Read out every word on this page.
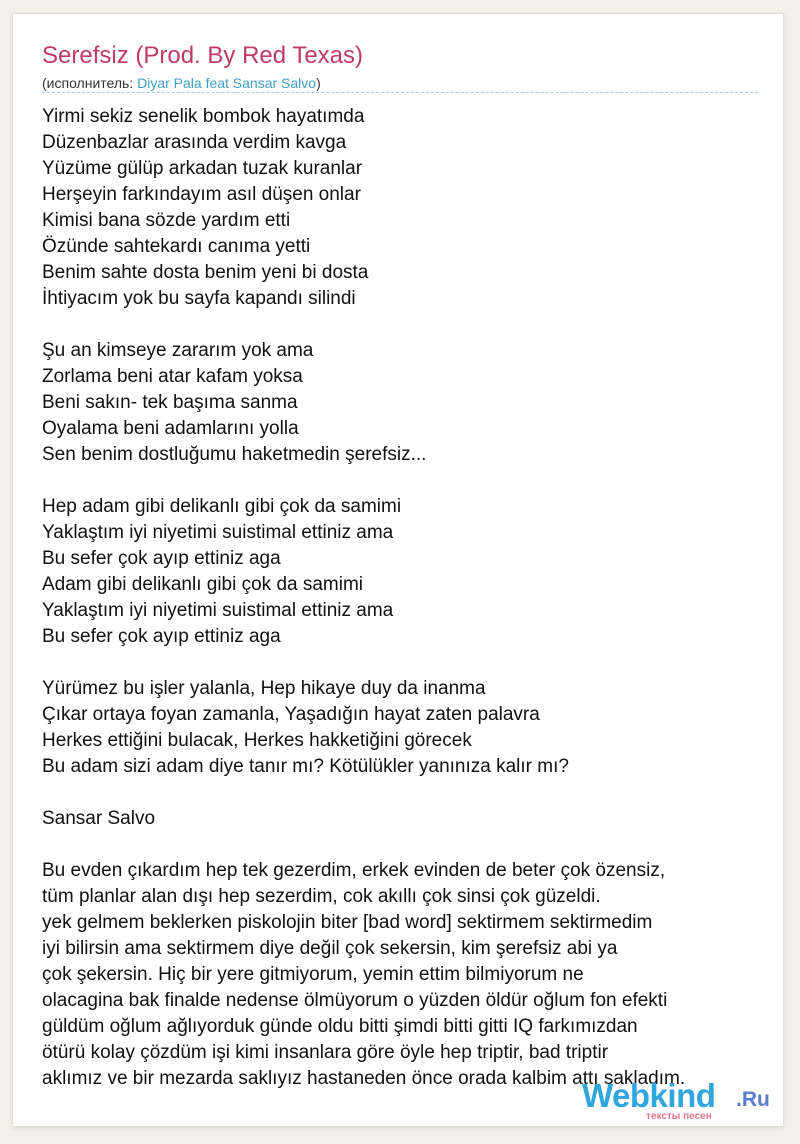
Serefsiz (Prod. By Red Texas)
(исполнитель: Diyar Pala feat Sansar Salvo)
Yirmi sekiz senelik bombok hayatımda
Düzenbazlar arasında verdim kavga
Yüzüme gülüp arkadan tuzak kuranlar
Herşeyin farkındayım asıl düşen onlar
Kimisi bana sözde yardım etti
Özünde sahtekardı canıma yetti
Benim sahte dosta benim yeni bi dosta
İhtiyacım yok bu sayfa kapandı silindi
Şu an kimseye zararım yok ama
Zorlama beni atar kafam yoksa
Beni sakın- tek başıma sanma
Oyalama beni adamlarını yolla
Sen benim dostluğumu haketmedin şerefsiz...
Hep adam gibi delikanlı gibi çok da samimi
Yaklaştım iyi niyetimi suistimal ettiniz ama
Bu sefer çok ayıp ettiniz aga
Adam gibi delikanlı gibi çok da samimi
Yaklaştım iyi niyetimi suistimal ettiniz ama
Bu sefer çok ayıp ettiniz aga
Yürümez bu işler yalanla, Hep hikaye duy da inanma
Çıkar ortaya foyan zamanla, Yaşadığın hayat zaten palavra
Herkes ettiğini bulacak, Herkes hakketiğini görecek
Bu adam sizi adam diye tanır mı? Kötülükler yanınıza kalır mı?
Sansar Salvo
Bu evden çıkardım hep tek gezerdim, erkek evinden de beter çok özensiz,
tüm planlar alan dışı hep sezerdim, cok akıllı çok sinsi çok güzeldi.
yek gelmem beklerken piskolojin biter [bad word] sektirmem sektirmedim
iyi bilirsin ama sektirmem diye değil çok sekersin, kim şerefsiz abi ya
çok şekersin. Hiç bir yere gitmiyorum, yemin ettim bilmiyorum ne
olacagina bak finalde nedense ölmüyorum o yüzden öldür oğlum fon efekti
güldüm oğlum ağlıyorduk günde oldu bitti şimdi bitti gitti IQ farkımızdan
ötürü kolay çözdüm işi kimi insanlara göre öyle hep triptir, bad triptir
aklımız ve bir mezarda saklıyız hastaneden önce orada kalbim attı sakladım.
Webkind .Ru
тексты песен
